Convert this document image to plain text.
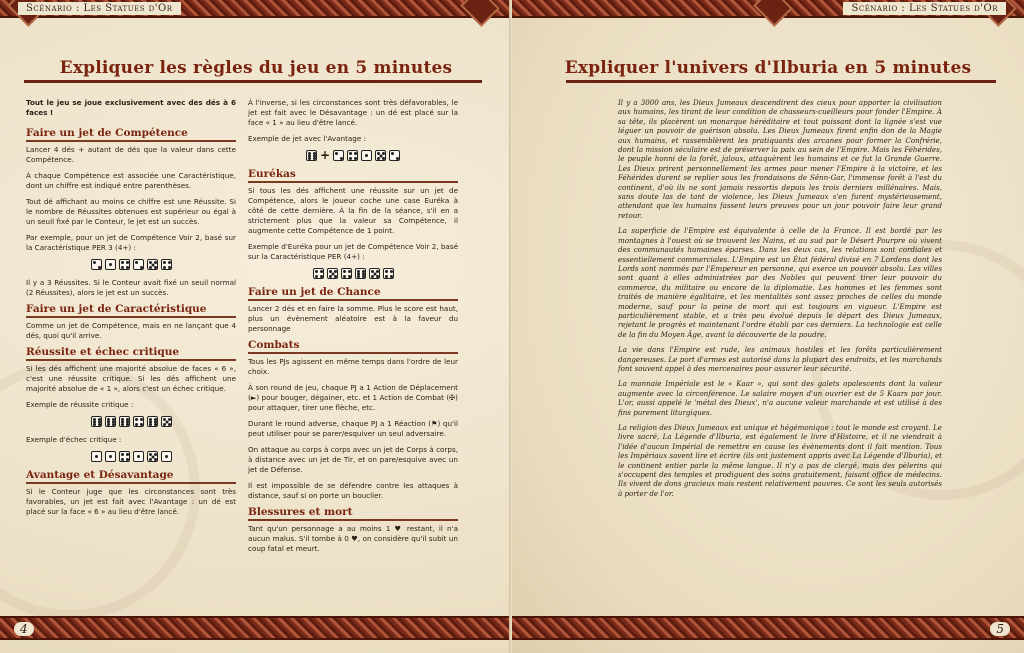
Scénario : Les Statues d'Or
Expliquer les règles du jeu en 5 minutes

Tout le jeu se joue exclusivement avec des dés à 6 faces !

Faire un jet de Compétence

Lancer 4 dés + autant de dés que la valeur dans cette Compétence.

À chaque Compétence est associée une Caractéristique, dont un chiffre est indiqué entre parenthèses.

Tout dé affichant au moins ce chiffre est une Réussite. Si le nombre de Réussites obtenues est supérieur ou égal à un seuil fixé par le Conteur, le jet est un succès.

Par exemple, pour un jet de Compétence Voir 2, basé sur la Caractéristique PER 3 (4+) :

Il y a 3 Réussites. Si le Conteur avait fixé un seuil normal (2 Réussites), alors le jet est un succès.

Faire un jet de Caractéristique

Comme un jet de Compétence, mais en ne lançant que 4 dés, quoi qu'il arrive.

Réussite et échec critique

Si les dés affichent une majorité absolue de faces « 6 », c'est une réussite critique. Si les dés affichent une majorité absolue de « 1 », alors c'est un échec critique.

Exemple de réussite critique :

Exemple d'échec critique :

Avantage et Désavantage

Si le Conteur juge que les circonstances sont très favorables, un jet est fait avec l'Avantage : un dé est placé sur la face « 6 » au lieu d'être lancé.

À l'inverse, si les circonstances sont très défavorables, le jet est fait avec le Désavantage : un dé est placé sur la face « 1 » au lieu d'être lancé.

Exemple de jet avec l'Avantage :

+
Eurékas

Si tous les dés affichent une réussite sur un jet de Compétence, alors le joueur coche une case Euréka à côté de cette dernière. À la fin de la séance, s'il en a strictement plus que la valeur sa Compétence, il augmente cette Compétence de 1 point.

Exemple d'Euréka pour un jet de Compétence Voir 2, basé sur la Caractéristique PER (4+) :

Faire un jet de Chance

Lancer 2 dés et en faire la somme. Plus le score est haut, plus un évènement aléatoire est à la faveur du personnage

Combats

Tous les PJs agissent en même temps dans l'ordre de leur choix.

À son round de jeu, chaque PJ a 1 Action de Déplacement (►) pour bouger, dégainer, etc. et 1 Action de Combat (✠) pour attaquer, tirer une flèche, etc.

Durant le round adverse, chaque PJ a 1 Réaction (⚑) qu'il peut utiliser pour se parer/esquiver un seul adversaire.

On attaque au corps à corps avec un jet de Corps à corps, à distance avec un jet de Tir, et on pare/esquive avec un jet de Défense.

Il est impossible de se défendre contre les attaques à distance, sauf si on porte un bouclier.

Blessures et mort

Tant qu'un personnage a au moins 1 ♥ restant, il n'a aucun malus. S'il tombe à 0 ♥, on considère qu'il subit un coup fatal et meurt.

4
Scénario : Les Statues d'Or
Expliquer l'univers d'Ilburia en 5 minutes
5

Il y a 3000 ans, les Dieux Jumeaux descendirent des cieux pour apporter la civilisation aux humains, les tirant de leur condition de chasseurs-cueilleurs pour fonder l'Empire. À sa tête, ils placèrent un monarque héréditaire et tout puissant dont la lignée s'est vue léguer un pouvoir de guérison absolu. Les Dieux Jumeaux firent enfin don de la Magie aux humains, et rassemblèrent les pratiquants des arcanes pour former la Confrérie, dont la mission séculaire est de préserver la paix au sein de l'Empire. Mais les Féhérides, le peuple honni de la forêt, jaloux, attaquèrent les humains et ce fut la Grande Guerre. Les Dieux prirent personnellement les armes pour mener l'Empire à la victoire, et les Féhérides durent se replier sous les frondaisons de Sênn-Gar, l'immense forêt à l'est du continent, d'où ils ne sont jamais ressortis depuis les trois derniers millénaires. Mais, sans doute las de tant de violence, les Dieux Jumeaux s'en furent mystérieusement, attendant que les humains fassent leurs preuves pour un jour pouvoir faire leur grand retour.

La superficie de l'Empire est équivalente à celle de la France. Il est bordé par les montagnes à l'ouest où se trouvent les Nains, et au sud par le Désert Pourpre où vivent des communautés humaines éparses. Dans les deux cas, les relations sont cordiales et essentiellement commerciales. L'Empire est un État fédéral divisé en 7 Lordens dont les Lords sont nommés par l'Empereur en personne, qui exerce un pouvoir absolu. Les villes sont quant à elles administrées par des Nobles qui peuvent tirer leur pouvoir du commerce, du militaire ou encore de la diplomatie. Les hommes et les femmes sont traités de manière égalitaire, et les mentalités sont assez proches de celles du monde moderne, sauf pour la peine de mort qui est toujours en vigueur. L'Empire est particulièrement stable, et a très peu évolué depuis le départ des Dieux Jumeaux, rejetant le progrès et maintenant l'ordre établi par ces derniers. La technologie est celle de la fin du Moyen Âge, avant la découverte de la poudre.

La vie dans l'Empire est rude, les animaux hostiles et les forêts particulièrement dangereuses. Le port d'armes est autorisé dans la plupart des endroits, et les marchands font souvent appel à des mercenaires pour assurer leur sécurité.

La monnaie Impériale est le « Kaar », qui sont des galets opalescents dont la valeur augmente avec la circonférence. Le salaire moyen d'un ouvrier est de 5 Kaars par jour. L'or, aussi appelé le 'métal des Dieux', n'a aucune valeur marchande et est utilisé à des fins purement liturgiques.

La religion des Dieux Jumeaux est unique et hégémonique : tout le monde est croyant. Le livre sacré, La Légende d'Ilburia, est également le livre d'Histoire, et il ne viendrait à l'idée d'aucun Impérial de remettre en cause les évènements dont il fait mention. Tous les Impériaux savent lire et écrire (ils ont justement appris avec La Légende d'Ilburia), et le continent entier parle la même langue. Il n'y a pas de clergé, mais des pèlerins qui s'occupent des temples et prodiguent des soins gratuitement, faisant office de médecins. Ils vivent de dons gracieux mais restent relativement pauvres. Ce sont les seuls autorisés à porter de l'or.
